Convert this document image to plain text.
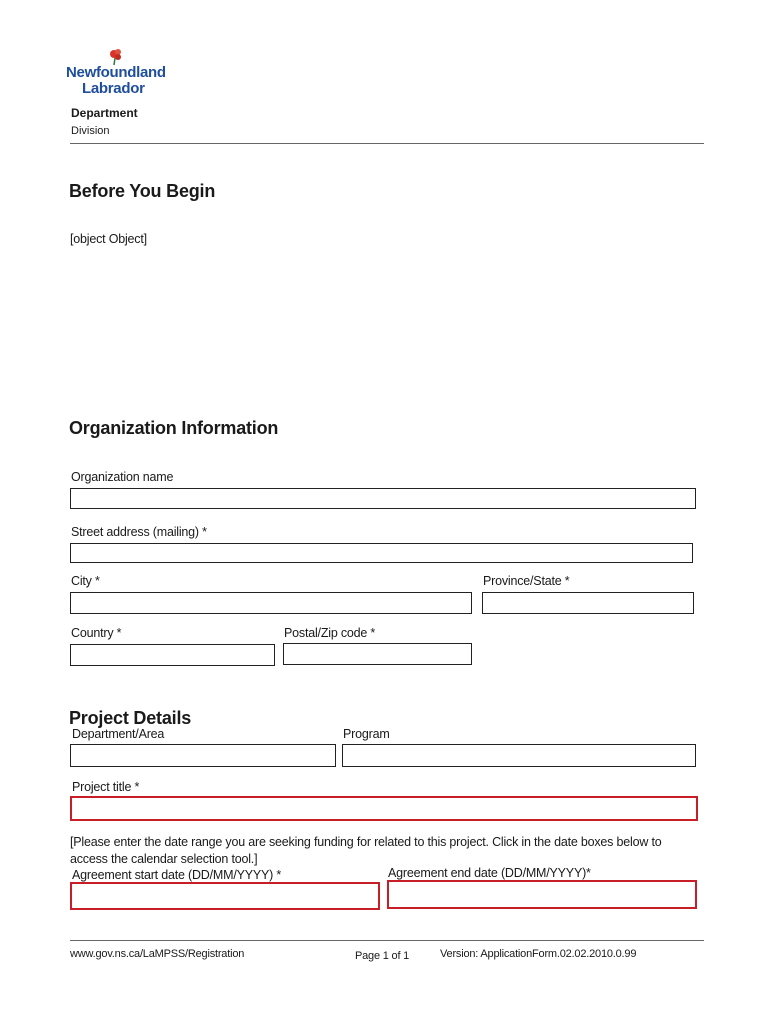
Newfoundland
Labrador
Department
Division
Before You Begin
[object Object]
Organization Information
Organization name
Street address (mailing) *
City *	Province/State *
Country *	Postal/Zip code *
Project Details
Department/Area	Program
Project title *
[Please enter the date range you are seeking funding for related to this project. Click in the date boxes below to access the calendar selection tool.]
Agreement start date (DD/MM/YYYY) *	Agreement end date (DD/MM/YYYY)*
www.gov.ns.ca/LaMPSS/Registration	Page 1 of 1	Version: ApplicationForm.02.02.2010.0.99
